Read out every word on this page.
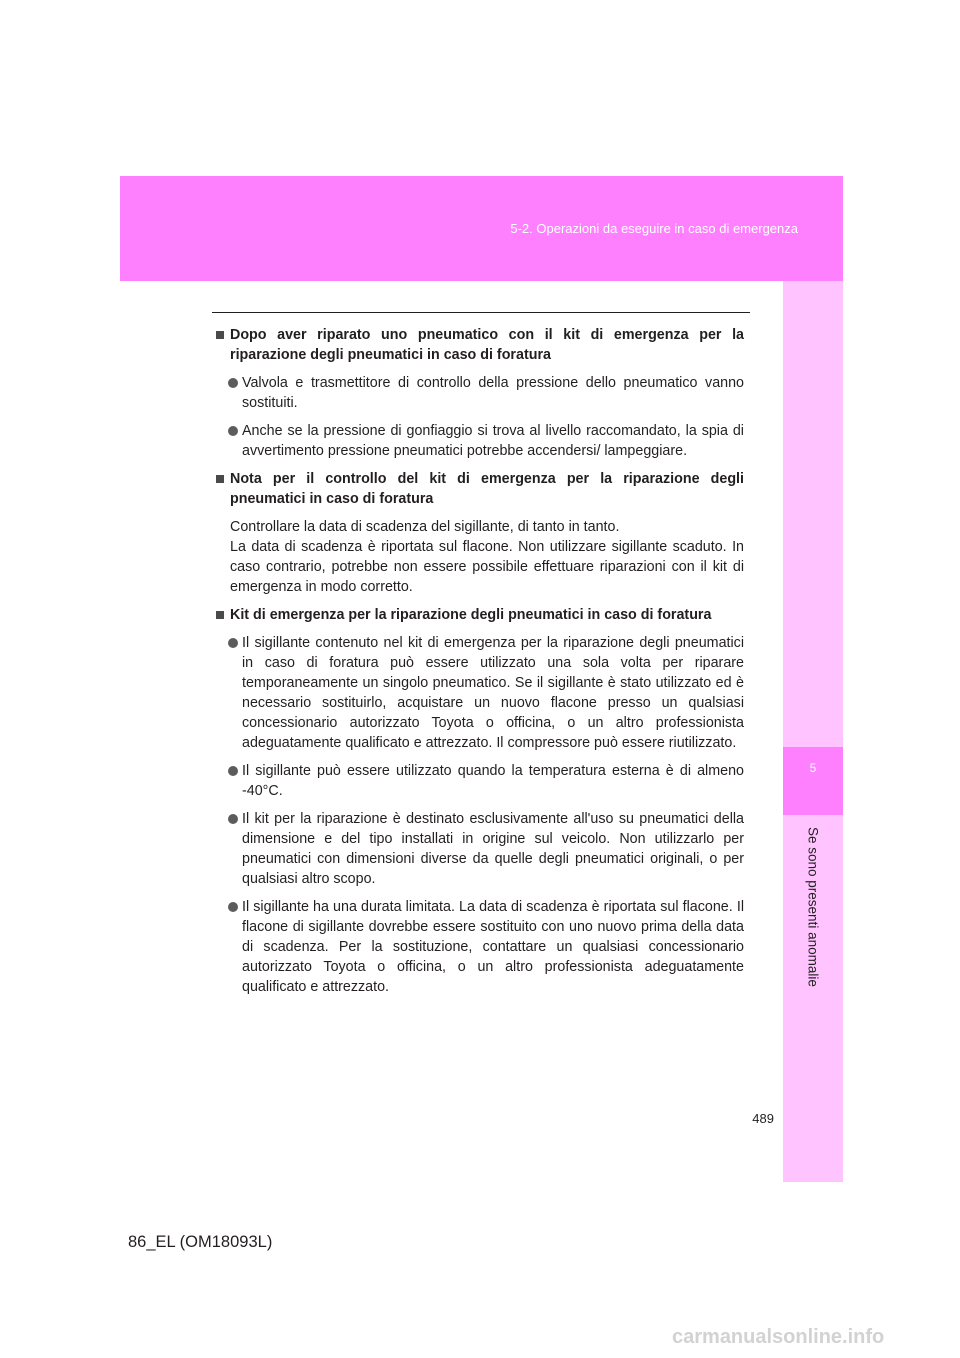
5-2. Operazioni da eseguire in caso di emergenza
5
Se sono presenti anomalie
Dopo aver riparato uno pneumatico con il kit di emergenza per la riparazione degli pneumatici in caso di foratura
Valvola e trasmettitore di controllo della pressione dello pneumatico vanno sostituiti.
Anche se la pressione di gonfiaggio si trova al livello raccomandato, la spia di avvertimento pressione pneumatici potrebbe accendersi/ lampeggiare.
Nota per il controllo del kit di emergenza per la riparazione degli pneumatici in caso di foratura
Controllare la data di scadenza del sigillante, di tanto in tanto.
La data di scadenza è riportata sul flacone. Non utilizzare sigillante scaduto. In caso contrario, potrebbe non essere possibile effettuare riparazioni con il kit di emergenza in modo corretto.
Kit di emergenza per la riparazione degli pneumatici in caso di foratura
Il sigillante contenuto nel kit di emergenza per la riparazione degli pneumatici in caso di foratura può essere utilizzato una sola volta per riparare temporaneamente un singolo pneumatico. Se il sigillante è stato utilizzato ed è necessario sostituirlo, acquistare un nuovo flacone presso un qualsiasi concessionario autorizzato Toyota o officina, o un altro professionista adeguatamente qualificato e attrezzato. Il compressore può essere riutilizzato.
Il sigillante può essere utilizzato quando la temperatura esterna è di almeno -40°C.
Il kit per la riparazione è destinato esclusivamente all'uso su pneumatici della dimensione e del tipo installati in origine sul veicolo. Non utilizzarlo per pneumatici con dimensioni diverse da quelle degli pneumatici originali, o per qualsiasi altro scopo.
Il sigillante ha una durata limitata. La data di scadenza è riportata sul flacone. Il flacone di sigillante dovrebbe essere sostituito con uno nuovo prima della data di scadenza. Per la sostituzione, contattare un qualsiasi concessionario autorizzato Toyota o officina, o un altro professionista adeguatamente qualificato e attrezzato.
489
86_EL (OM18093L)
carmanualsonline.info
